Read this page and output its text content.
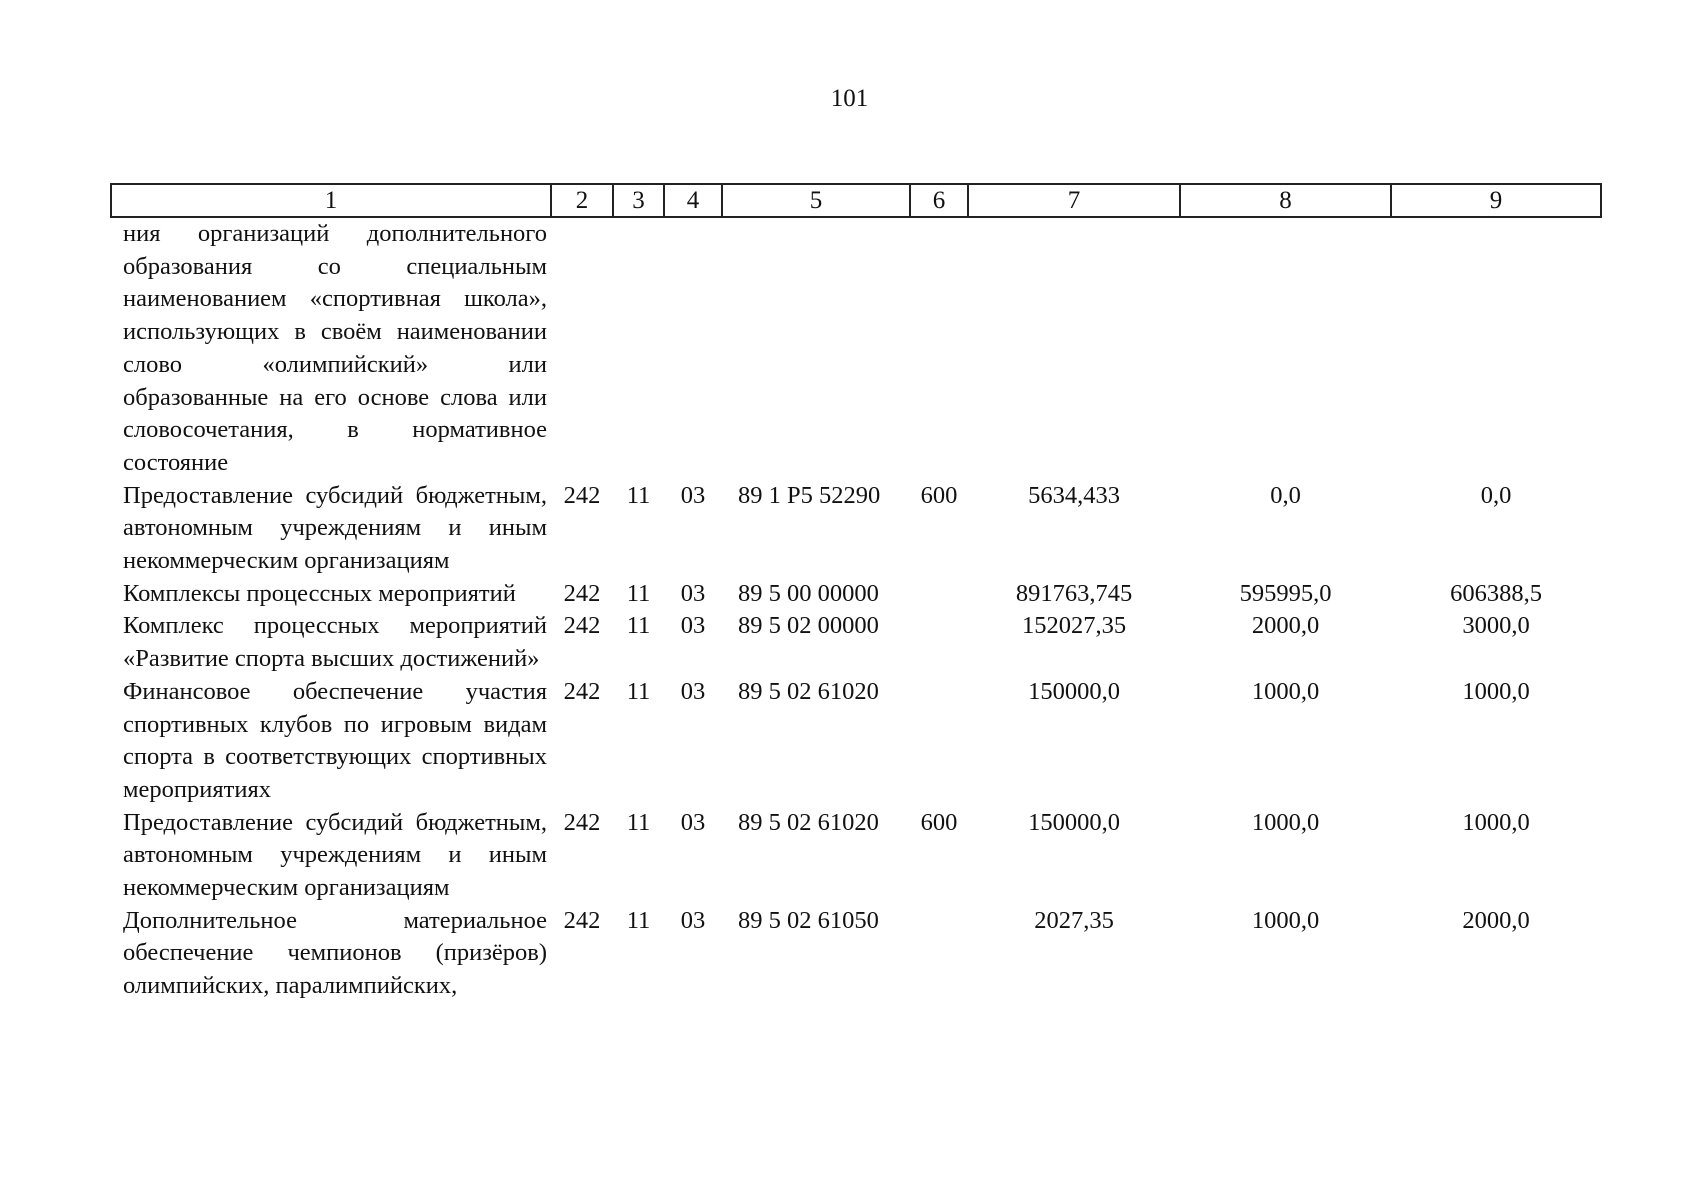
101
1	2	3	4	5	6	7	8	9
ния организаций дополнительного образования со специальным наименованием «спортивная школа», использующих в своём наименовании слово «олимпийский» или образованные на его основе слова или словосочетания, в нормативное состояние								
Предоставление субсидий бюджетным, автономным учреждениям и иным некоммерческим организациям	242	11	03	89 1 Р5 52290	600	5634,433	0,0	0,0
Комплексы процессных мероприятий	242	11	03	89 5 00 00000		891763,745	595995,0	606388,5
Комплекс процессных мероприятий «Развитие спорта высших достижений»	242	11	03	89 5 02 00000		152027,35	2000,0	3000,0
Финансовое обеспечение участия спортивных клубов по игровым видам спорта в соответствующих спортивных мероприятиях	242	11	03	89 5 02 61020		150000,0	1000,0	1000,0
Предоставление субсидий бюджетным, автономным учреждениям и иным некоммерческим организациям	242	11	03	89 5 02 61020	600	150000,0	1000,0	1000,0
Дополнительное материальное обеспечение чемпионов (призёров) олимпийских, паралимпийских,	242	11	03	89 5 02 61050		2027,35	1000,0	2000,0
